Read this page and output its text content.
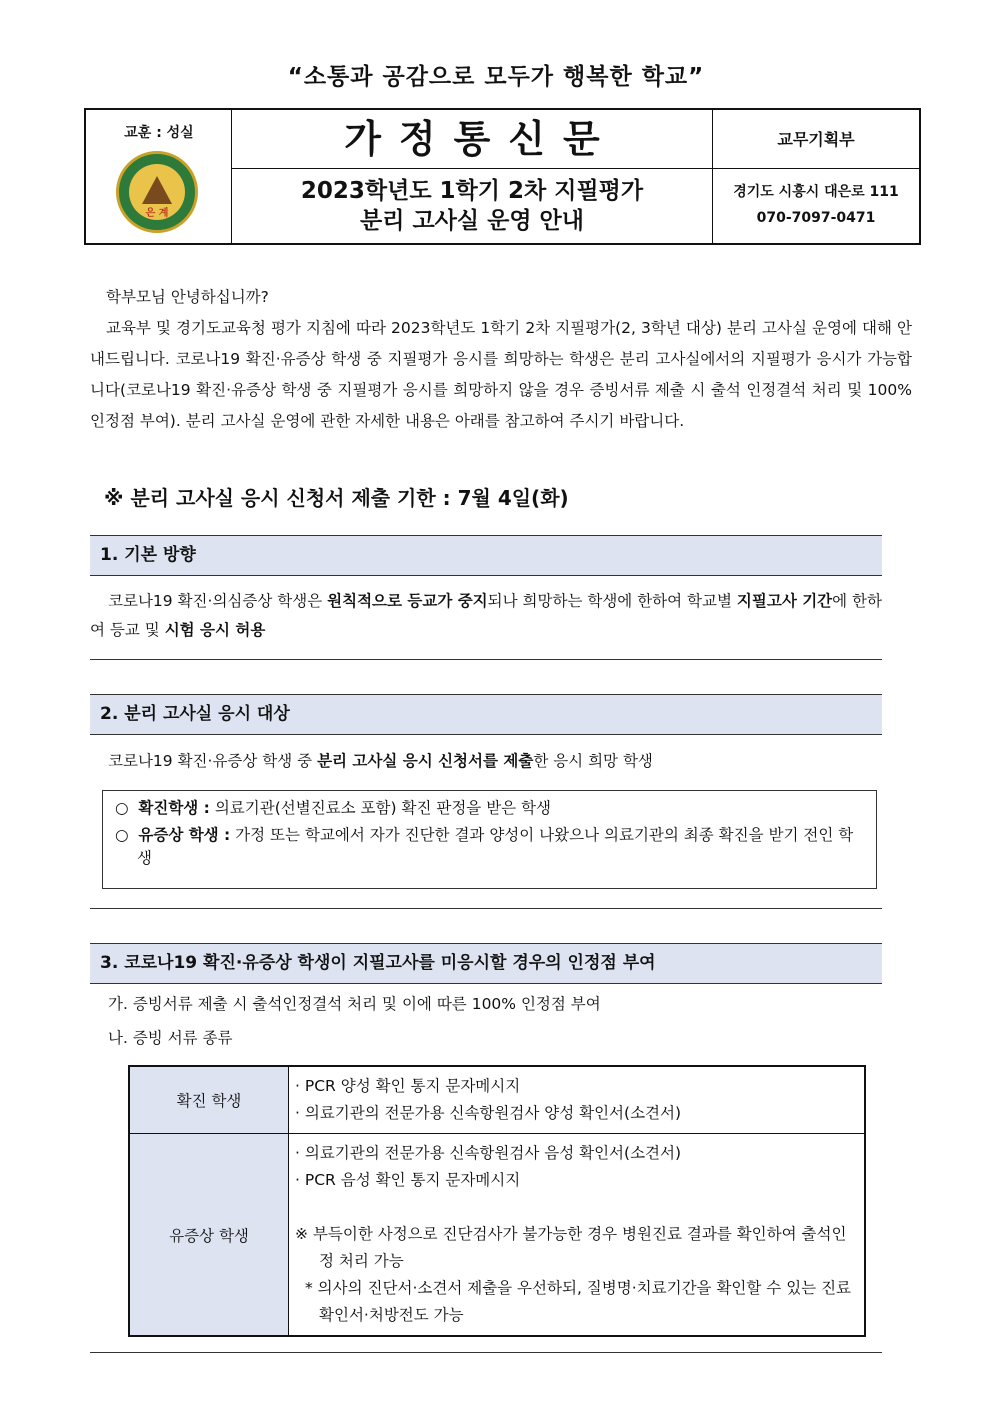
“소통과 공감으로 모두가 행복한 학교”
교훈 : 성실
은 계
가정통신문
2023학년도 1학기 2차 지필평가
분리 고사실 운영 안내
교무기획부
경기도 시흥시 대은로 111
070-7097-0471
학부모님 안녕하십니까?
교육부 및 경기도교육청 평가 지침에 따라 2023학년도 1학기 2차 지필평가(2, 3학년 대상) 분리 고사실 운영에 대해 안내드립니다. 코로나19 확진·유증상 학생 중 지필평가 응시를 희망하는 학생은 분리 고사실에서의 지필평가 응시가 가능합니다(코로나19 확진·유증상 학생 중 지필평가 응시를 희망하지 않을 경우 증빙서류 제출 시 출석 인정결석 처리 및 100% 인정점 부여). 분리 고사실 운영에 관한 자세한 내용은 아래를 참고하여 주시기 바랍니다.
※ 분리 고사실 응시 신청서 제출 기한 : 7월 4일(화)
1. 기본 방향
코로나19 확진·의심증상 학생은 원칙적으로 등교가 중지되나 희망하는 학생에 한하여 학교별 지필고사 기간에 한하여 등교 및 시험 응시 허용
2. 분리 고사실 응시 대상
코로나19 확진·유증상 학생 중 분리 고사실 응시 신청서를 제출한 응시 희망 학생

○  확진학생 : 의료기관(선별진료소 포함) 확진 판정을 받은 학생

○  유증상 학생 : 가정 또는 학교에서 자가 진단한 결과 양성이 나왔으나 의료기관의 최종 확진을 받기 전인 학생

3. 코로나19 확진·유증상 학생이 지필고사를 미응시할 경우의 인정점 부여
가. 증빙서류 제출 시 출석인정결석 처리 및 이에 따른 100% 인정점 부여
나. 증빙 서류 종류
확진 학생	· PCR 양성 확인 통지 문자메시지
· 의료기관의 전문가용 신속항원검사 양성 확인서(소견서)

유증상 학생	· 의료기관의 전문가용 신속항원검사 음성 확인서(소견서)
· PCR 음성 확인 통지 문자메시지
※ 부득이한 사정으로 진단검사가 불가능한 경우 병원진료 결과를 확인하여 출석인정 처리 가능
* 의사의 진단서·소견서 제출을 우선하되, 질병명·치료기간을 확인할 수 있는 진료확인서·처방전도 가능
